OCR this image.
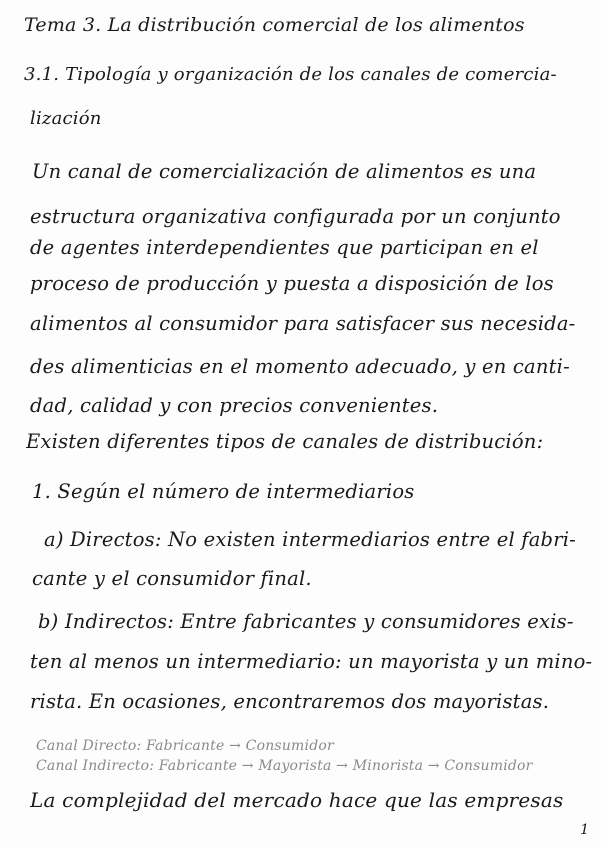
Tema 3. La distribución comercial de los alimentos
3.1. Tipología y organización de los canales de comercia-
lización
Un canal de comercialización de alimentos es una
estructura organizativa configurada por un conjunto
de agentes interdependientes que participan en el
proceso de producción y puesta a disposición de los
alimentos al consumidor para satisfacer sus necesida-
des alimenticias en el momento adecuado, y en canti-
dad, calidad y con precios convenientes.
Existen diferentes tipos de canales de distribución:
1. Según el número de intermediarios
a) Directos: No existen intermediarios entre el fabri-
cante y el consumidor final.
b) Indirectos: Entre fabricantes y consumidores exis-
ten al menos un intermediario: un mayorista y un mino-
rista. En ocasiones, encontraremos dos mayoristas.
Canal Directo: Fabricante → Consumidor
Canal Indirecto: Fabricante → Mayorista → Minorista → Consumidor
La complejidad del mercado hace que las empresas
1
